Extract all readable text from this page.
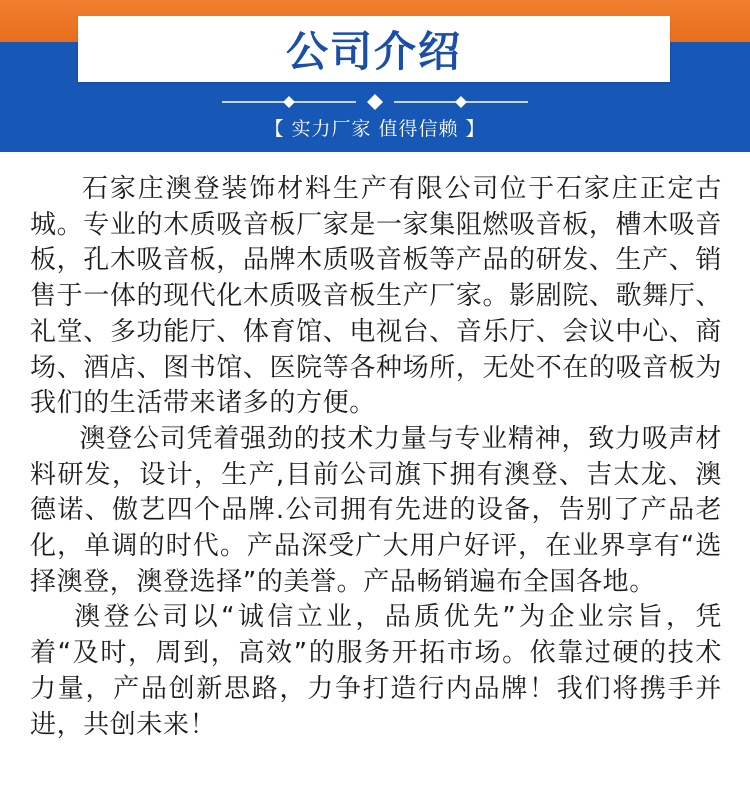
公司介绍
【 实力厂家 值得信赖 】

石家庄澳登装饰材料生产有限公司位于石家庄正定古城。专业的木质吸音板厂家是一家集阻燃吸音板，槽木吸音板，孔木吸音板，品牌木质吸音板等产品的研发、生产、销售于一体的现代化木质吸音板生产厂家。影剧院、歌舞厅、礼堂、多功能厅、体育馆、电视台、音乐厅、会议中心、商场、酒店、图书馆、医院等各种场所，无处不在的吸音板为我们的生活带来诸多的方便。

澳登公司凭着强劲的技术力量与专业精神，致力吸声材料研发，设计，生产,目前公司旗下拥有澳登、吉太龙、澳德诺、傲艺四个品牌.公司拥有先进的设备，告别了产品老化，单调的时代。产品深受广大用户好评，在业界享有“选择澳登，澳登选择”的美誉。产品畅销遍布全国各地。

澳登公司以“诚信立业，品质优先”为企业宗旨，凭着“及时，周到，高效”的服务开拓市场。依靠过硬的技术力量，产品创新思路，力争打造行内品牌！我们将携手并进，共创未来！
